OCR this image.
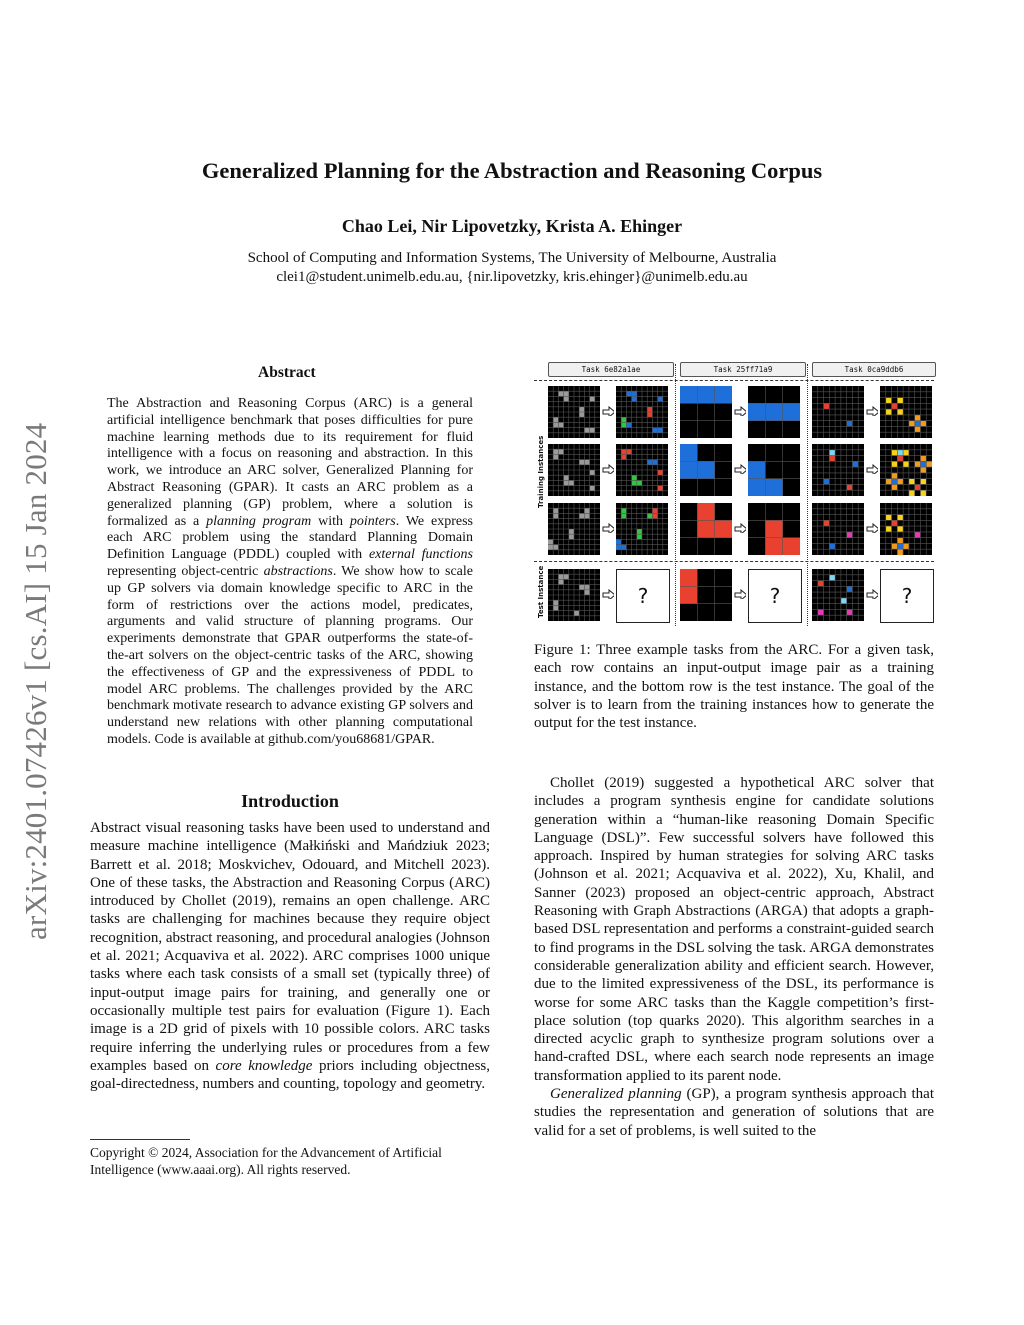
Generalized Planning for the Abstraction and Reasoning Corpus
Chao Lei, Nir Lipovetzky, Krista A. Ehinger
School of Computing and Information Systems, The University of Melbourne, Australia
clei1@student.unimelb.edu.au, {nir.lipovetzky, kris.ehinger}@unimelb.edu.au
arXiv:2401.07426v1 [cs.AI] 15 Jan 2024
Abstract
The Abstraction and Reasoning Corpus (ARC) is a general artificial intelligence benchmark that poses difficulties for pure machine learning methods due to its requirement for fluid intelligence with a focus on reasoning and abstraction. In this work, we introduce an ARC solver, Generalized Planning for Abstract Reasoning (GPAR). It casts an ARC problem as a generalized planning (GP) problem, where a solution is formalized as a planning program with pointers. We express each ARC problem using the standard Planning Domain Definition Language (PDDL) coupled with external functions representing object-centric abstractions. We show how to scale up GP solvers via domain knowledge specific to ARC in the form of restrictions over the actions model, predicates, arguments and valid structure of planning programs. Our experiments demonstrate that GPAR outperforms the state-of-the-art solvers on the object-centric tasks of the ARC, showing the effectiveness of GP and the expressiveness of PDDL to model ARC problems. The challenges provided by the ARC benchmark motivate research to advance existing GP solvers and understand new relations with other planning computational models. Code is available at github.com/you68681/GPAR.
Introduction
Abstract visual reasoning tasks have been used to understand and measure machine intelligence (Małkiński and Mańdziuk 2023; Barrett et al. 2018; Moskvichev, Odouard, and Mitchell 2023). One of these tasks, the Abstraction and Reasoning Corpus (ARC) introduced by Chollet (2019), remains an open challenge. ARC tasks are challenging for machines because they require object recognition, abstract reasoning, and procedural analogies (Johnson et al. 2021; Acquaviva et al. 2022). ARC comprises 1000 unique tasks where each task consists of a small set (typically three) of input-output image pairs for training, and generally one or occasionally multiple test pairs for evaluation (Figure 1). Each image is a 2D grid of pixels with 10 possible colors. ARC tasks require inferring the underlying rules or procedures from a few examples based on core knowledge priors including objectness, goal-directedness, numbers and counting, topology and geometry.
Copyright © 2024, Association for the Advancement of Artificial Intelligence (www.aaai.org). All rights reserved.
Task 6e82a1ae	Task 25ff71a9	Task 0ca9ddb6
Training Instances
Test Instance	?	?	?
Figure 1: Three example tasks from the ARC. For a given task, each row contains an input-output image pair as a training instance, and the bottom row is the test instance. The goal of the solver is to learn from the training instances how to generate the output for the test instance.

Chollet (2019) suggested a hypothetical ARC solver that includes a program synthesis engine for candidate solutions generation within a “human-like reasoning Domain Specific Language (DSL)”. Few successful solvers have followed this approach. Inspired by human strategies for solving ARC tasks (Johnson et al. 2021; Acquaviva et al. 2022), Xu, Khalil, and Sanner (2023) proposed an object-centric approach, Abstract Reasoning with Graph Abstractions (ARGA) that adopts a graph-based DSL representation and performs a constraint-guided search to find programs in the DSL solving the task. ARGA demonstrates considerable generalization ability and efficient search. However, due to the limited expressiveness of the DSL, its performance is worse for some ARC tasks than the Kaggle competition’s first-place solution (top quarks 2020). This algorithm searches in a directed acyclic graph to synthesize program solutions over a hand-crafted DSL, where each search node represents an image transformation applied to its parent node.

Generalized planning (GP), a program synthesis approach that studies the representation and generation of solutions that are valid for a set of problems, is well suited to the
